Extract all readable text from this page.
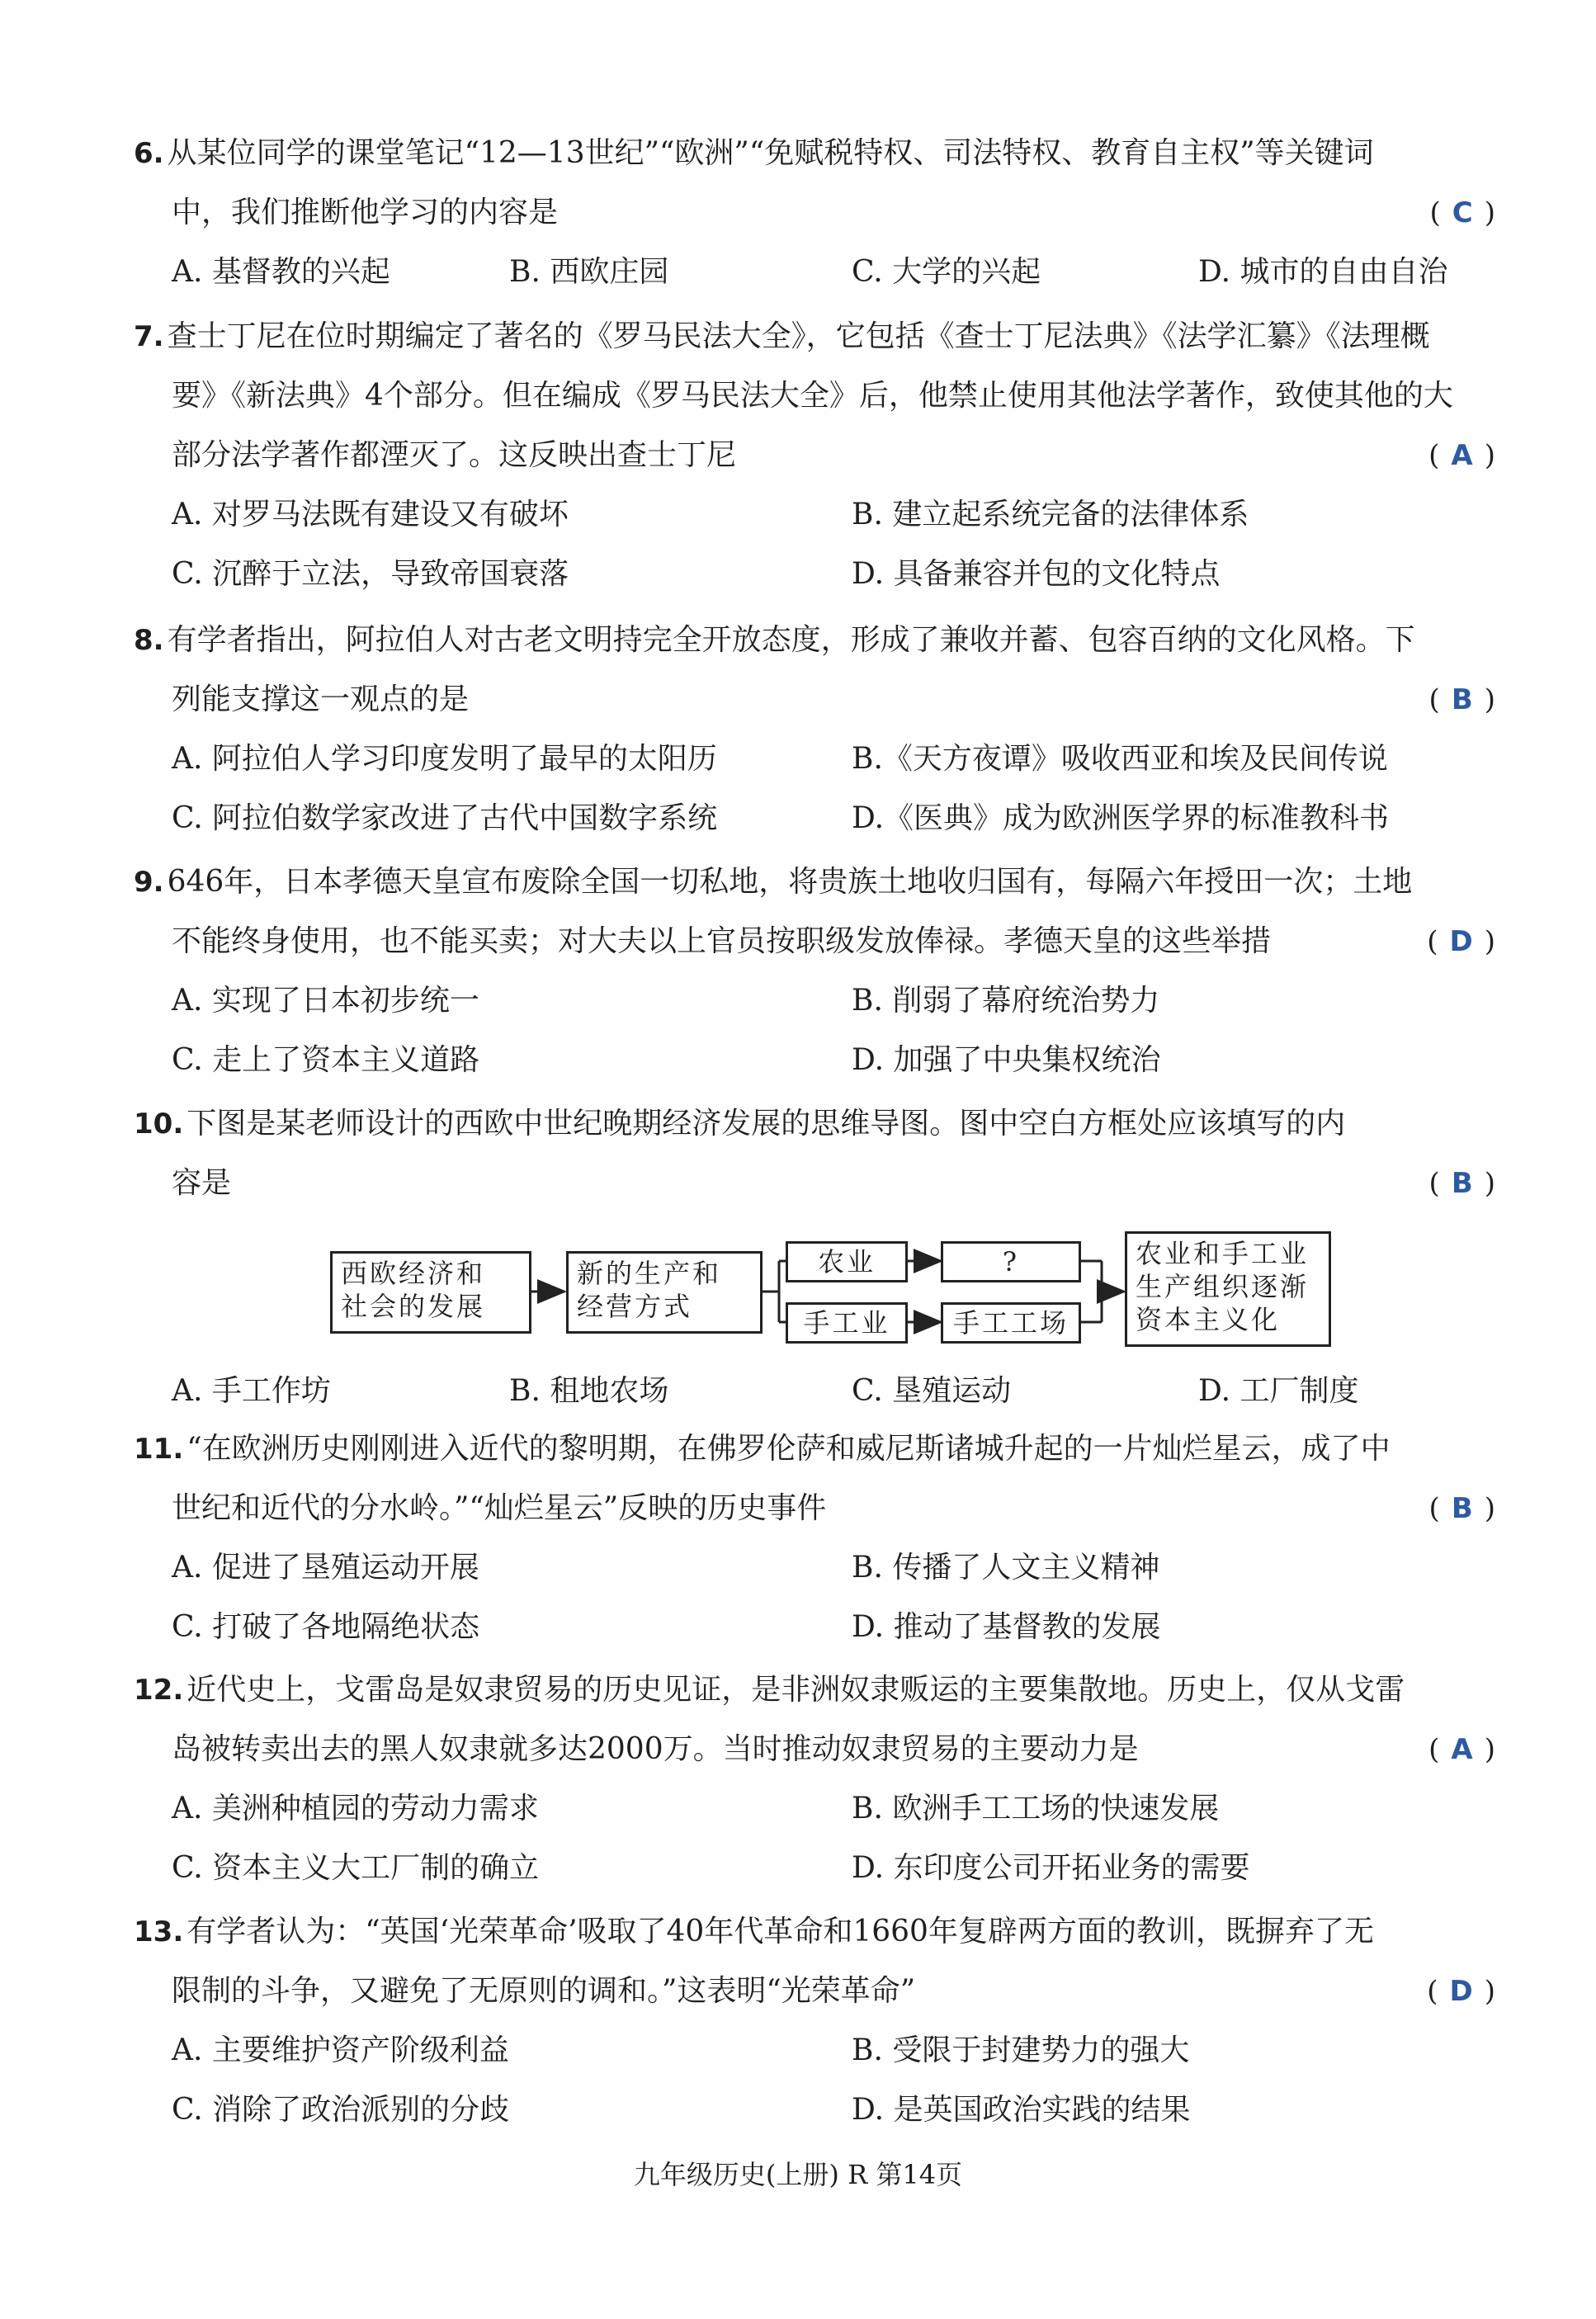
6. 从某位同学的课堂笔记“12—13世纪”“欧洲”“免赋税特权、司法特权、教育自主权”等关键词
中，我们推断他学习的内容是	( C )
A. 基督教的兴起	B. 西欧庄园	C. 大学的兴起	D. 城市的自由自治
7. 查士丁尼在位时期编定了著名的《罗马民法大全》，它包括《查士丁尼法典》《法学汇纂》《法理概
要》《新法典》4个部分。但在编成《罗马民法大全》后，他禁止使用其他法学著作，致使其他的大
部分法学著作都湮灭了。这反映出查士丁尼	( A )
A. 对罗马法既有建设又有破坏	B. 建立起系统完备的法律体系
C. 沉醉于立法，导致帝国衰落	D. 具备兼容并包的文化特点
8. 有学者指出，阿拉伯人对古老文明持完全开放态度，形成了兼收并蓄、包容百纳的文化风格。下
列能支撑这一观点的是	( B )
A. 阿拉伯人学习印度发明了最早的太阳历	B.《天方夜谭》吸收西亚和埃及民间传说
C. 阿拉伯数学家改进了古代中国数字系统	D.《医典》成为欧洲医学界的标准教科书
9. 646年，日本孝德天皇宣布废除全国一切私地，将贵族土地收归国有，每隔六年授田一次；土地
不能终身使用，也不能买卖；对大夫以上官员按职级发放俸禄。孝德天皇的这些举措	( D )
A. 实现了日本初步统一	B. 削弱了幕府统治势力
C. 走上了资本主义道路	D. 加强了中央集权统治
10. 下图是某老师设计的西欧中世纪晚期经济发展的思维导图。图中空白方框处应该填写的内
容是	( B )
西欧经济和
社会的发展
新的生产和
经营方式
农业	?
手工业	手工工场
农业和手工业
生产组织逐渐
资本主义化
A. 手工作坊	B. 租地农场	C. 垦殖运动	D. 工厂制度
11. “在欧洲历史刚刚进入近代的黎明期，在佛罗伦萨和威尼斯诸城升起的一片灿烂星云，成了中
世纪和近代的分水岭。”“灿烂星云”反映的历史事件	( B )
A. 促进了垦殖运动开展	B. 传播了人文主义精神
C. 打破了各地隔绝状态	D. 推动了基督教的发展
12. 近代史上，戈雷岛是奴隶贸易的历史见证，是非洲奴隶贩运的主要集散地。历史上，仅从戈雷
岛被转卖出去的黑人奴隶就多达2000万。当时推动奴隶贸易的主要动力是	( A )
A. 美洲种植园的劳动力需求	B. 欧洲手工工场的快速发展
C. 资本主义大工厂制的确立	D. 东印度公司开拓业务的需要
13. 有学者认为：“英国‘光荣革命’吸取了40年代革命和1660年复辟两方面的教训，既摒弃了无
限制的斗争，又避免了无原则的调和。”这表明“光荣革命”	( D )
A. 主要维护资产阶级利益	B. 受限于封建势力的强大
C. 消除了政治派别的分歧	D. 是英国政治实践的结果
九年级历史(上册) R 第14页
